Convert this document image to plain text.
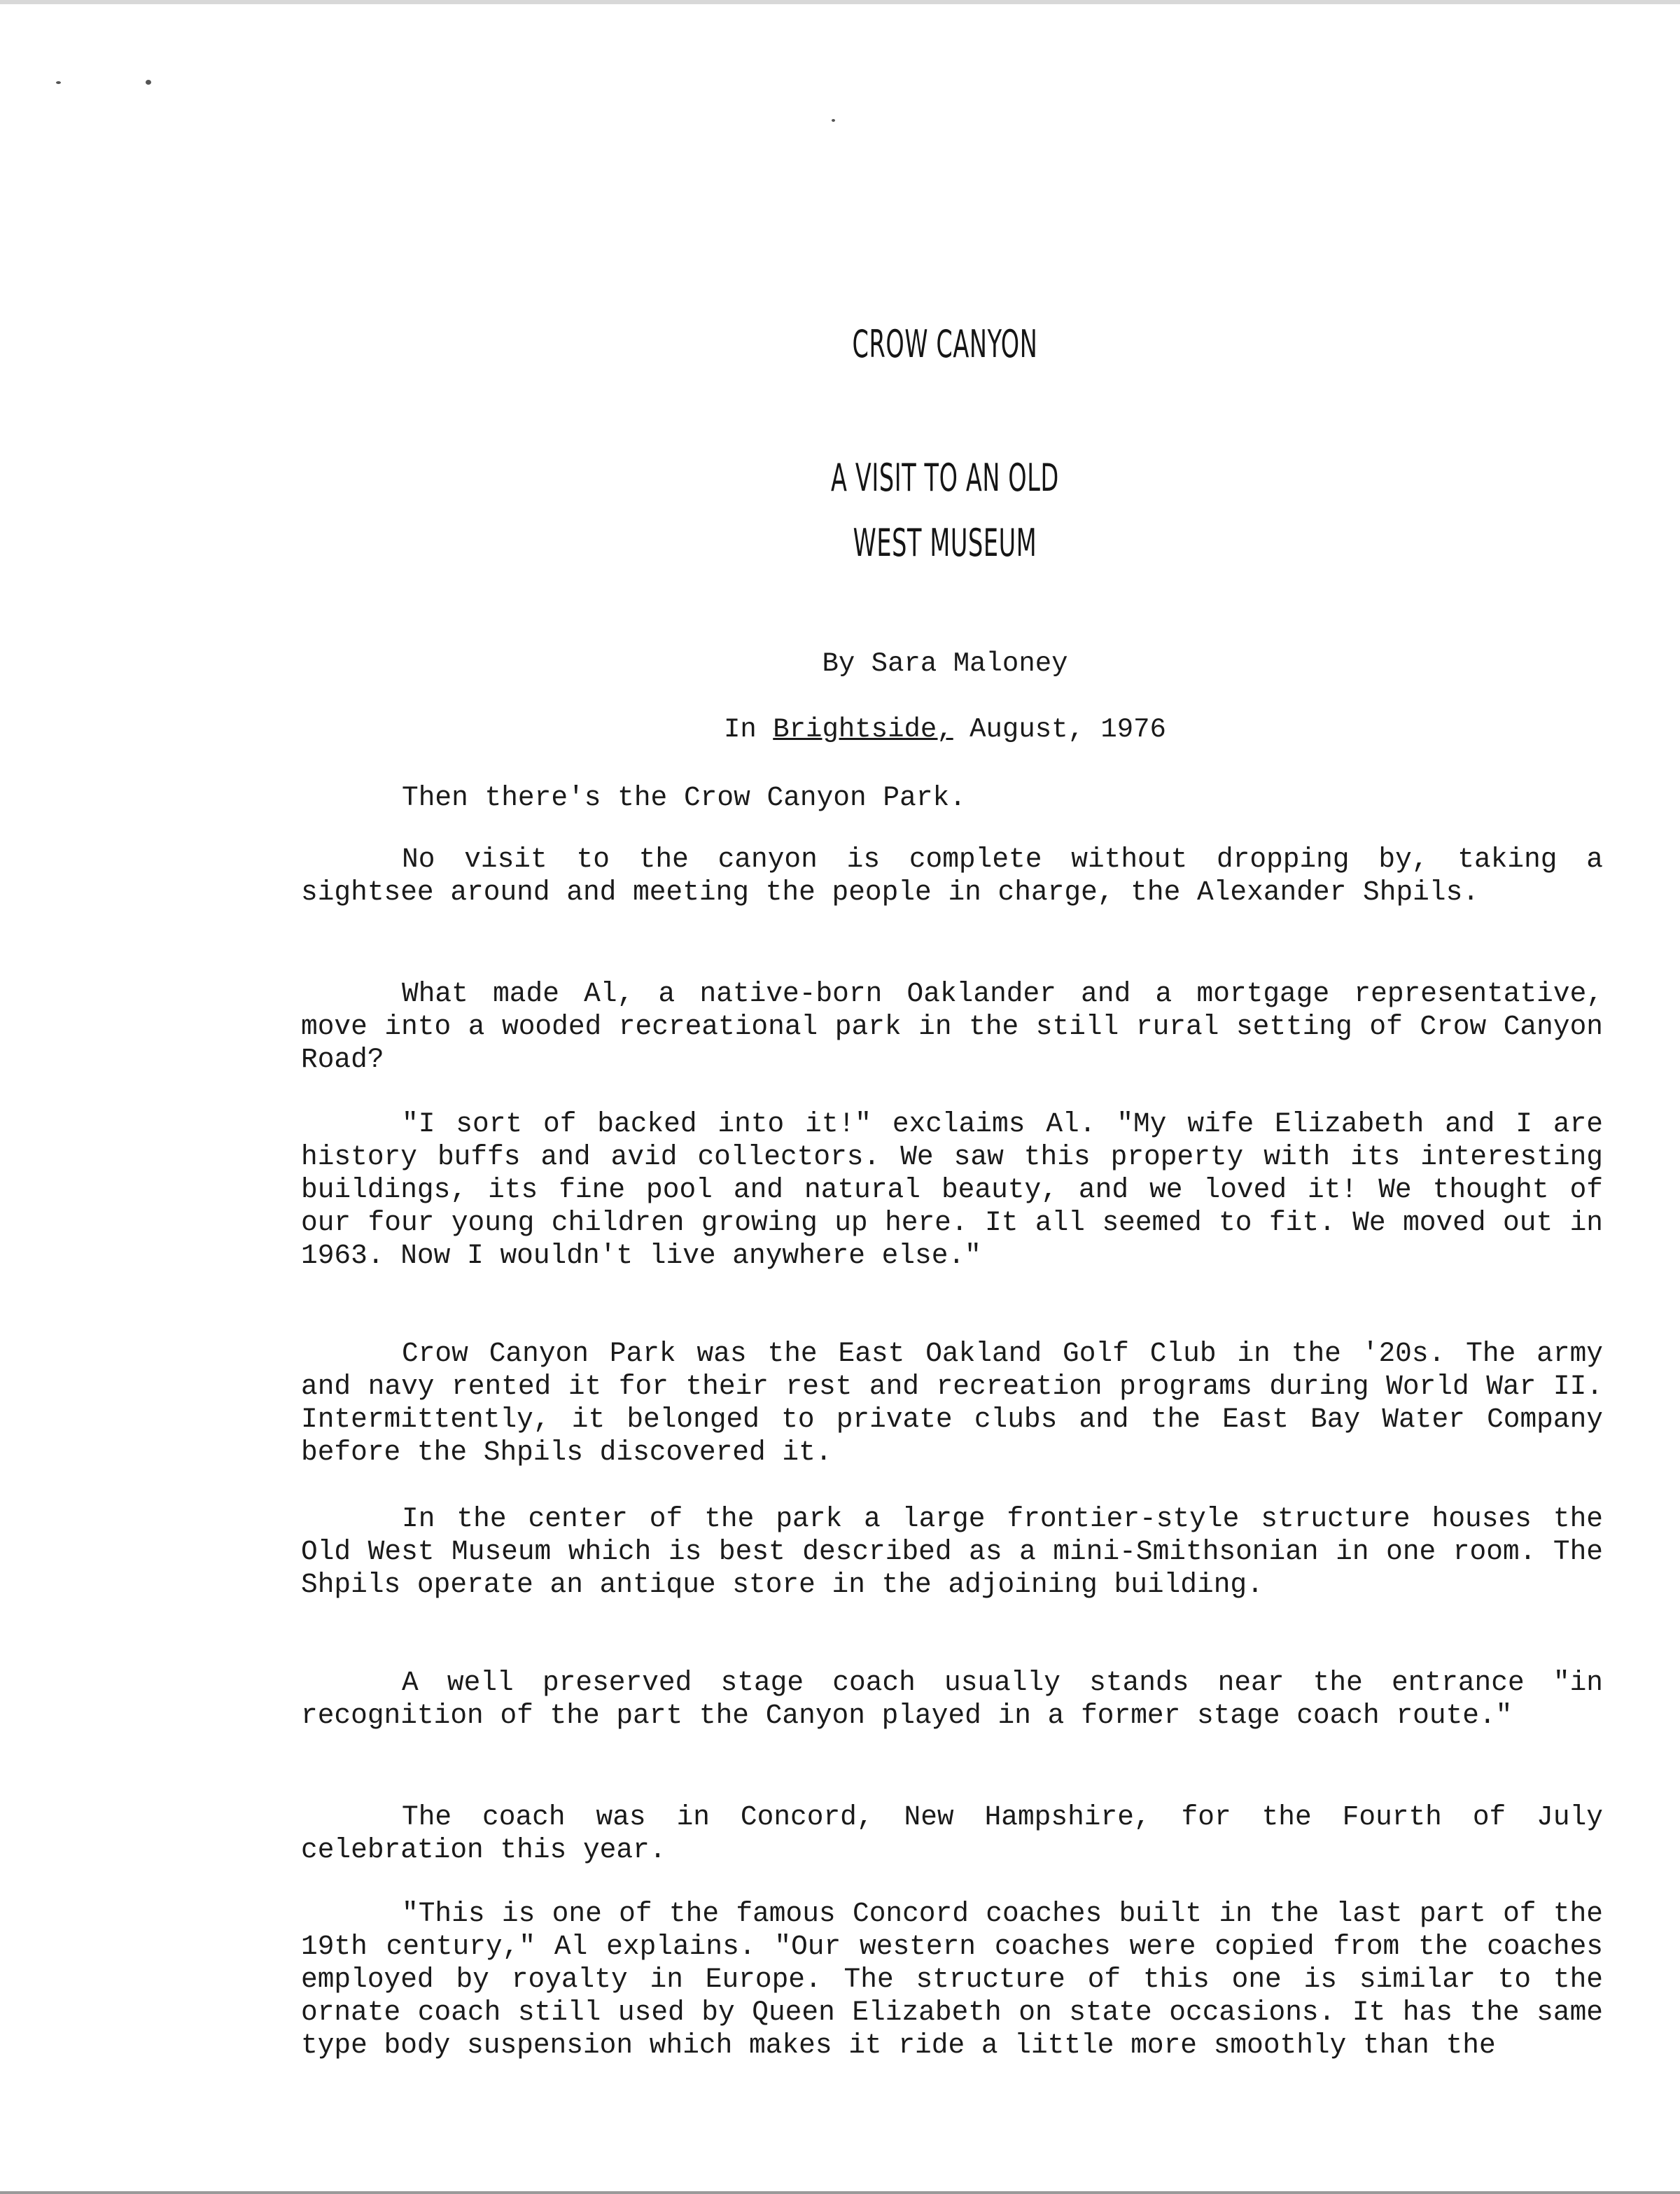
CROW CANYON
A VISIT TO AN OLD
WEST MUSEUM

By Sara Maloney

In Brightside, August, 1976

Then there's the Crow Canyon Park.

No visit to the canyon is complete without dropping by, taking a sightsee around and meeting the people in charge, the Alexander Shpils.

What made Al, a native-born Oaklander and a mortgage representative, move into a wooded recreational park in the still rural setting of Crow Canyon Road?

"I sort of backed into it!" exclaims Al. "My wife Elizabeth and I are history buffs and avid collectors. We saw this property with its interesting buildings, its fine pool and natural beauty, and we loved it! We thought of our four young children growing up here. It all seemed to fit. We moved out in 1963. Now I wouldn't live anywhere else."

Crow Canyon Park was the East Oakland Golf Club in the '20s. The army and navy rented it for their rest and recreation programs during World War II. Intermittently, it belonged to private clubs and the East Bay Water Company before the Shpils discovered it.

In the center of the park a large frontier-style structure houses the Old West Museum which is best described as a mini-Smithsonian in one room. The Shpils operate an antique store in the adjoining building.

A well preserved stage coach usually stands near the entrance "in recognition of the part the Canyon played in a former stage coach route."

The coach was in Concord, New Hampshire, for the Fourth of July celebration this year.

"This is one of the famous Concord coaches built in the last part of the 19th century," Al explains. "Our western coaches were copied from the coaches employed by royalty in Europe. The structure of this one is similar to the ornate coach still used by Queen Elizabeth on state occasions. It has the same type body suspension which makes it ride a little more smoothly than the
